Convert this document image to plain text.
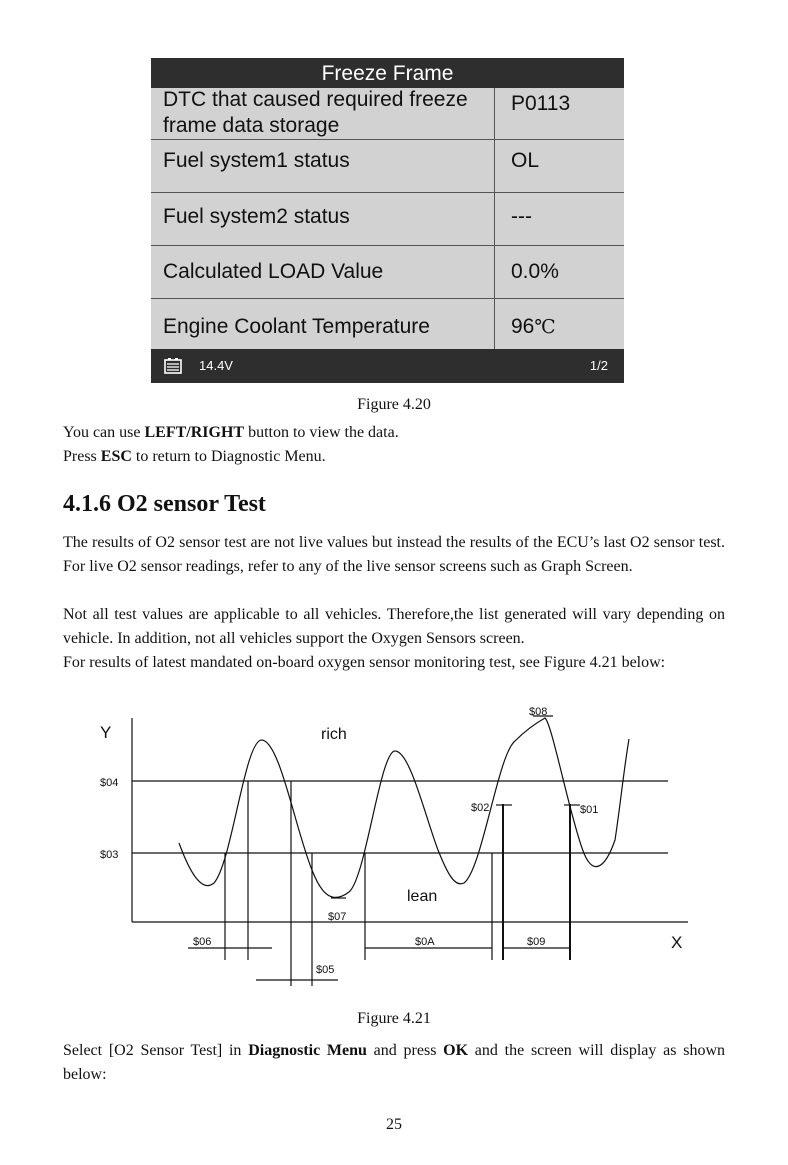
Freeze Frame
DTC that caused required freeze
frame data storage
P0113
Fuel system1 status	OL
Fuel system2 status	---
Calculated LOAD Value	0.0%
Engine Coolant Temperature	96℃
14.4V	1/2
Figure 4.20
You can use LEFT/RIGHT button to view the data.
Press ESC to return to Diagnostic Menu.
4.1.6 O2 sensor Test
The results of O2 sensor test are not live values but instead the results of the ECU’s last O2 sensor test. For live O2 sensor readings, refer to any of the live sensor screens such as Graph Screen.
Not all test values are applicable to all vehicles. Therefore,the list generated will vary depending on vehicle. In addition, not all vehicles support the Oxygen Sensors screen.
For results of latest mandated on-board oxygen sensor monitoring test, see Figure 4.21 below:
Y
X
rich
lean
$04
$03
$08
$02	$01
$07
$06	$0A	$09
$05
Figure 4.21
Select [O2 Sensor Test] in Diagnostic Menu and press OK and the screen will display as shown below:
25
